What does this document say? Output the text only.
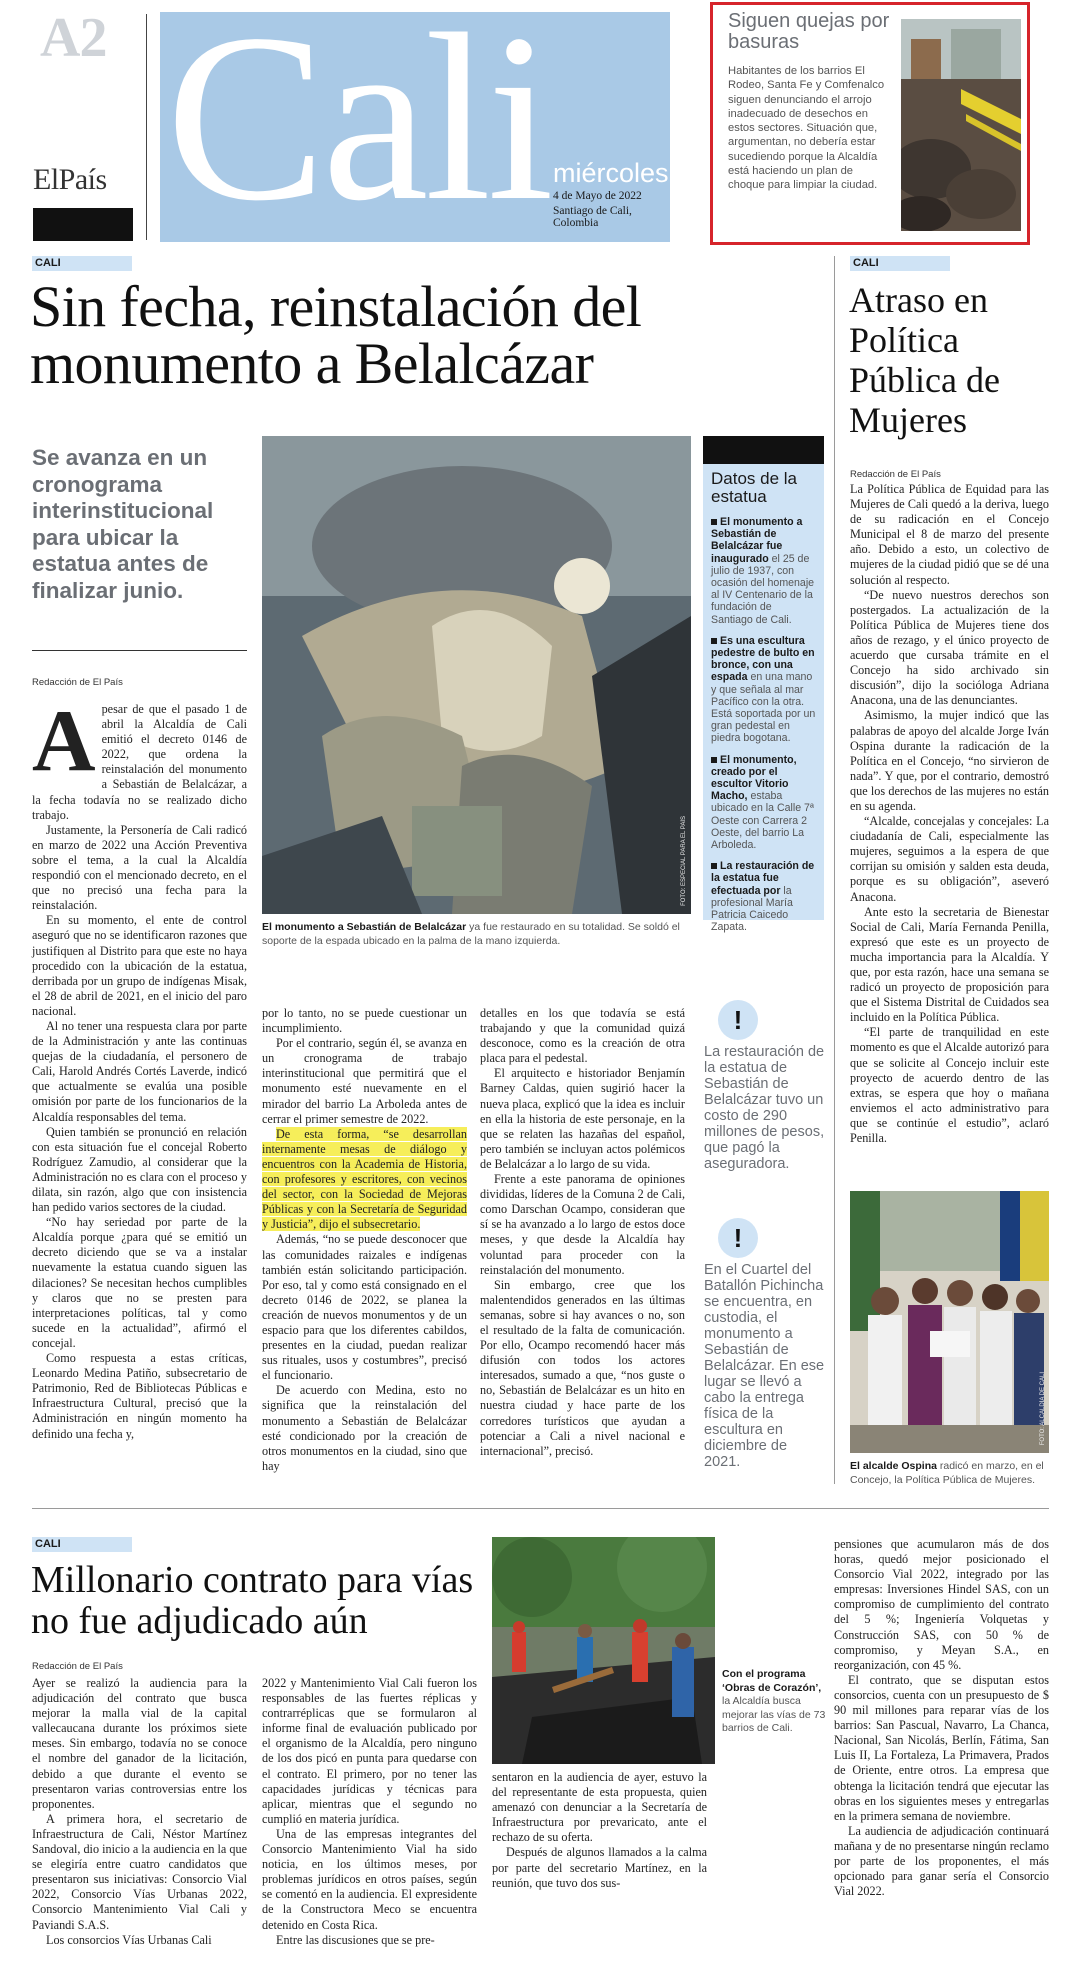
A2
ElPaís Cali miércoles
4 de Mayo de 2022
Santiago de Cali, Colombia
Siguen quejas por basuras
Habitantes de los barrios El Rodeo, Santa Fe y Comfenalco siguen denunciando el arrojo inadecuado de desechos en estos sectores. Situación que, argumentan, no debería estar sucediendo porque la Alcaldía está haciendo un plan de choque para limpiar la ciudad.
CALI
Sin fecha, reinstalación del monumento a Belalcázar
Se avanza en un cronograma interinstitucional para ubicar la estatua antes de finalizar junio.
FOTO: ESPECIAL PARA EL PAÍS
El monumento a Sebastián de Belalcázar ya fue restaurado en su totalidad. Se soldó el soporte de la espada ubicado en la palma de la mano izquierda.
Datos de la estatua
El monumento a Sebastián de Belalcázar fue inaugurado el 25 de julio de 1937, con ocasión del homenaje al IV Centenario de la fundación de Santiago de Cali.
Es una escultura pedestre de bulto en bronce, con una espada en una mano y que señala al mar Pacífico con la otra. Está soportada por un gran pedestal en piedra bogotana.
El monumento, creado por el escultor Vitorio Macho, estaba ubicado en la Calle 7ª Oeste con Carrera 2 Oeste, del barrio La Arboleda.
La restauración de la estatua fue efectuada por la profesional María Patricia Caicedo Zapata.
Redacción de El País

Apesar de que el pasado 1 de abril la Alcaldía de Cali emitió el decreto 0146 de 2022, que ordena la reinstalación del monumento a Sebastián de Belalcázar, a la fecha todavía no se realizado dicho trabajo.

Justamente, la Personería de Cali radicó en marzo de 2022 una Acción Preventiva sobre el tema, a la cual la Alcaldía respondió con el mencionado decreto, en el que no precisó una fecha para la reinstalación.

En su momento, el ente de control aseguró que no se identificaron razones que justifiquen al Distrito para que este no haya procedido con la ubicación de la estatua, derribada por un grupo de indígenas Misak, el 28 de abril de 2021, en el inicio del paro nacional.

Al no tener una respuesta clara por parte de la Administración y ante las continuas quejas de la ciudadanía, el personero de Cali, Harold Andrés Cortés Laverde, indicó que actualmente se evalúa una posible omisión por parte de los funcionarios de la Alcaldía responsables del tema.

Quien también se pronunció en relación con esta situación fue el concejal Roberto Rodríguez Zamudio, al considerar que la Administración no es clara con el proceso y dilata, sin razón, algo que con insistencia han pedido varios sectores de la ciudad.

“No hay seriedad por parte de la Alcaldía porque ¿para qué se emitió un decreto diciendo que se va a instalar nuevamente la estatua cuando siguen las dilaciones? Se necesitan hechos cumplibles y claros que no se presten para interpretaciones políticas, tal y como sucede en la actualidad”, afirmó el concejal.

Como respuesta a estas críticas, Leonardo Medina Patiño, subsecretario de Patrimonio, Red de Bibliotecas Públicas e Infraestructura Cultural, precisó que la Administración en ningún momento ha definido una fecha y,

por lo tanto, no se puede cuestionar un incumplimiento.

Por el contrario, según él, se avanza en un cronograma de trabajo interinstitucional que permitirá que el monumento esté nuevamente en el mirador del barrio La Arboleda antes de cerrar el primer semestre de 2022.

De esta forma, “se desarrollan internamente mesas de diálogo y encuentros con la Academia de Historia, con profesores y escritores, con vecinos del sector, con la Sociedad de Mejoras Públicas y con la Secretaría de Seguridad y Justicia”, dijo el subsecretario.

Además, “no se puede desconocer que las comunidades raizales e indígenas también están solicitando participación. Por eso, tal y como está consignado en el decreto 0146 de 2022, se planea la creación de nuevos monumentos y de un espacio para que los diferentes cabildos, presentes en la ciudad, puedan realizar sus rituales, usos y costumbres”, precisó el funcionario.

De acuerdo con Medina, esto no significa que la reinstalación del monumento a Sebastián de Belalcázar esté condicionado por la creación de otros monumentos en la ciudad, sino que hay

detalles en los que todavía se está trabajando y que la comunidad quizá desconoce, como es la creación de otra placa para el pedestal.

El arquitecto e historiador Benjamín Barney Caldas, quien sugirió hacer la nueva placa, explicó que la idea es incluir en ella la historia de este personaje, en la que se relaten las hazañas del español, pero también se incluyan actos polémicos de Belalcázar a lo largo de su vida.

Frente a este panorama de opiniones divididas, líderes de la Comuna 2 de Cali, como Darschan Ocampo, consideran que sí se ha avanzado a lo largo de estos doce meses, y que desde la Alcaldía hay voluntad para proceder con la reinstalación del monumento.

Sin embargo, cree que los malentendidos generados en las últimas semanas, sobre si hay avances o no, son el resultado de la falta de comunicación. Por ello, Ocampo recomendó hacer más difusión con todos los actores interesados, sumado a que, “nos guste o no, Sebastián de Belalcázar es un hito en nuestra ciudad y hace parte de los corredores turísticos que ayudan a potenciar a Cali a nivel nacional e internacional”, precisó.

!
La restauración de la estatua de Sebastián de Belalcázar tuvo un costo de 290 millones de pesos, que pagó la aseguradora.
!
En el Cuartel del Batallón Pichincha se encuentra, en custodia, el monumento a Sebastián de Belalcázar. En ese lugar se llevó a cabo la entrega física de la escultura en diciembre de 2021.
CALI
Atraso en Política Pública de Mujeres
Redacción de El País

La Política Pública de Equidad para las Mujeres de Cali quedó a la deriva, luego de su radicación en el Concejo Municipal el 8 de marzo del presente año. Debido a esto, un colectivo de mujeres de la ciudad pidió que se dé una solución al respecto.

“De nuevo nuestros derechos son postergados. La actualización de la Política Pública de Mujeres tiene dos años de rezago, y el único proyecto de acuerdo que cursaba trámite en el Concejo ha sido archivado sin discusión”, dijo la socióloga Adriana Anacona, una de las denunciantes.

Asimismo, la mujer indicó que las palabras de apoyo del alcalde Jorge Iván Ospina durante la radicación de la Política en el Concejo, “no sirvieron de nada”. Y que, por el contrario, demostró que los derechos de las mujeres no están en su agenda.

“Alcalde, concejalas y concejales: La ciudadanía de Cali, especialmente las mujeres, seguimos a la espera de que corrijan su omisión y salden esta deuda, porque es su obligación”, aseveró Anacona.

Ante esto la secretaria de Bienestar Social de Cali, María Fernanda Penilla, expresó que este es un proyecto de mucha importancia para la Alcaldía. Y que, por esta razón, hace una semana se radicó un proyecto de proposición para que el Sistema Distrital de Cuidados sea incluido en la Política Pública.

“El parte de tranquilidad en este momento es que el Alcalde autorizó para que se solicite al Concejo incluir este proyecto de acuerdo dentro de las extras, se espera que hoy o mañana enviemos el acto administrativo para que se continúe el estudio”, aclaró Penilla.

FOTO: ALCALDÍA DE CALI
El alcalde Ospina radicó en marzo, en el Concejo, la Política Pública de Mujeres.
CALI
Millonario contrato para vías no fue adjudicado aún
Redacción de El País

Ayer se realizó la audiencia para la adjudicación del contrato que busca mejorar la malla vial de la capital vallecaucana durante los próximos siete meses. Sin embargo, todavía no se conoce el nombre del ganador de la licitación, debido a que durante el evento se presentaron varias controversias entre los proponentes.

A primera hora, el secretario de Infraestructura de Cali, Néstor Martínez Sandoval, dio inicio a la audiencia en la que se elegiría entre cuatro candidatos que presentaron sus iniciativas: Consorcio Vial 2022, Consorcio Vías Urbanas 2022, Consorcio Mantenimiento Vial Cali y Paviandi S.A.S.

Los consorcios Vías Urbanas Cali

2022 y Mantenimiento Vial Cali fueron los responsables de las fuertes réplicas y contrarréplicas que se formularon al informe final de evaluación publicado por el organismo de la Alcaldía, pero ninguno de los dos picó en punta para quedarse con el contrato. El primero, por no tener las capacidades jurídicas y técnicas para aplicar, mientras que el segundo no cumplió en materia jurídica.

Una de las empresas integrantes del Consorcio Mantenimiento Vial ha sido noticia, en los últimos meses, por problemas jurídicos en otros países, según se comentó en la audiencia. El expresidente de la Constructora Meco se encuentra detenido en Costa Rica.

Entre las discusiones que se pre-

sentaron en la audiencia de ayer, estuvo la del representante de esta propuesta, quien amenazó con denunciar a la Secretaría de Infraestructura por prevaricato, ante el rechazo de su oferta.

Después de algunos llamados a la calma por parte del secretario Martínez, en la reunión, que tuvo dos sus-

Con el programa ‘Obras de Corazón’, la Alcaldía busca mejorar las vías de 73 barrios de Cali.

pensiones que acumularon más de dos horas, quedó mejor posicionado el Consorcio Vial 2022, integrado por las empresas: Inversiones Hindel SAS, con un compromiso de cumplimiento del contrato del 5 %; Ingeniería Volquetas y Construcción SAS, con 50 % de compromiso, y Meyan S.A., en reorganización, con 45 %.

El contrato, que se disputan estos consorcios, cuenta con un presupuesto de $ 90 mil millones para reparar vías de los barrios: San Pascual, Navarro, La Chanca, Nacional, San Nicolás, Berlín, Fátima, San Luis II, La Fortaleza, La Primavera, Prados de Oriente, entre otros. La empresa que obtenga la licitación tendrá que ejecutar las obras en los siguientes meses y entregarlas en la primera semana de noviembre.

La audiencia de adjudicación continuará mañana y de no presentarse ningún reclamo por parte de los proponentes, el más opcionado para ganar sería el Consorcio Vial 2022.
